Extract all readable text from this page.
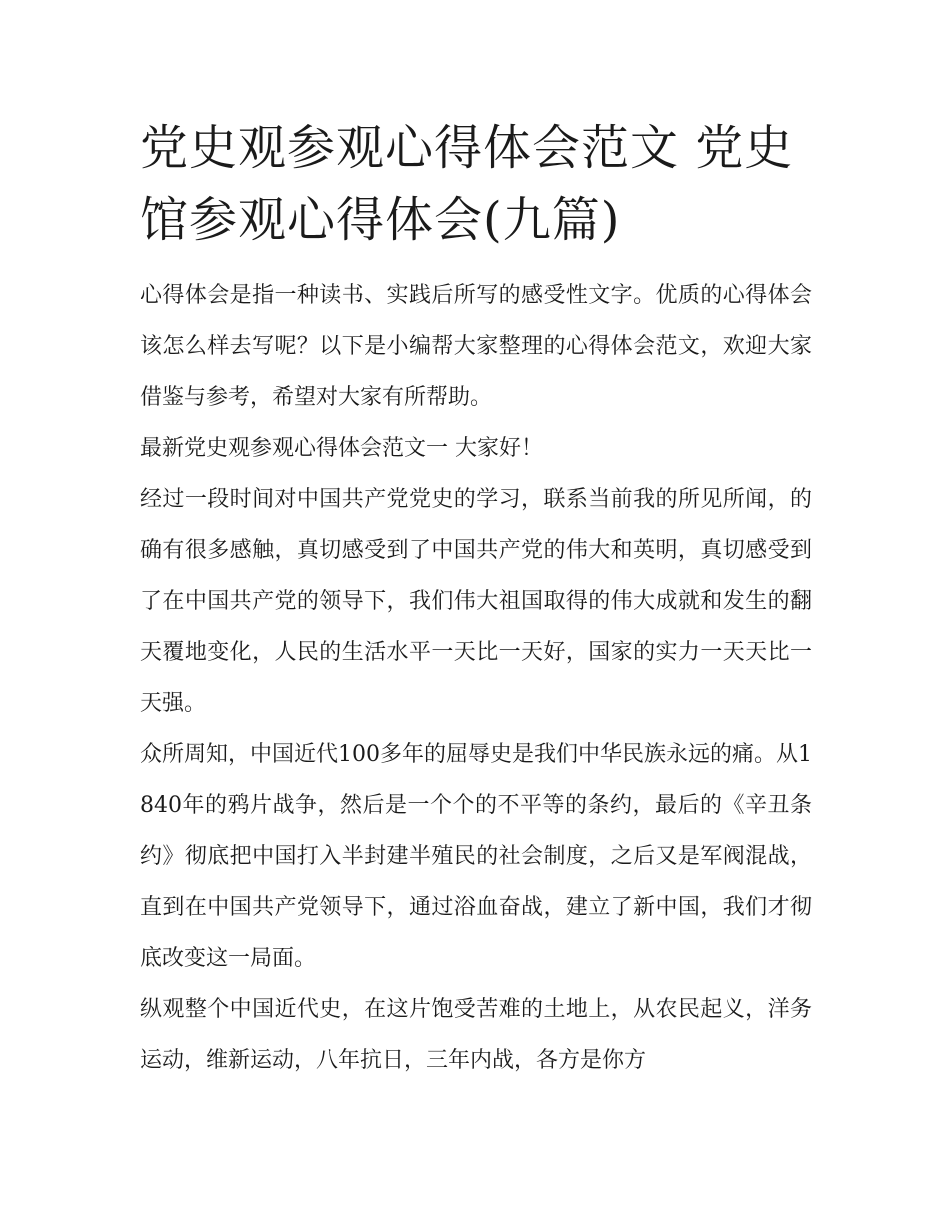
党史观参观心得体会范文 党史馆参观心得体会(九篇)

心得体会是指一种读书、实践后所写的感受性文字。优质的心得体会该怎么样去写呢？以下是小编帮大家整理的心得体会范文，欢迎大家借鉴与参考，希望对大家有所帮助。

最新党史观参观心得体会范文一 大家好！

经过一段时间对中国共产党党史的学习，联系当前我的所见所闻，的确有很多感触，真切感受到了中国共产党的伟大和英明，真切感受到了在中国共产党的领导下，我们伟大祖国取得的伟大成就和发生的翻天覆地变化，人民的生活水平一天比一天好，国家的实力一天天比一天强。

众所周知，中国近代100多年的屈辱史是我们中华民族永远的痛。从1840年的鸦片战争，然后是一个个的不平等的条约，最后的《辛丑条约》彻底把中国打入半封建半殖民的社会制度，之后又是军阀混战，直到在中国共产党领导下，通过浴血奋战，建立了新中国，我们才彻底改变这一局面。

纵观整个中国近代史，在这片饱受苦难的土地上，从农民起义，洋务运动，维新运动，八年抗日，三年内战，各方是你方
